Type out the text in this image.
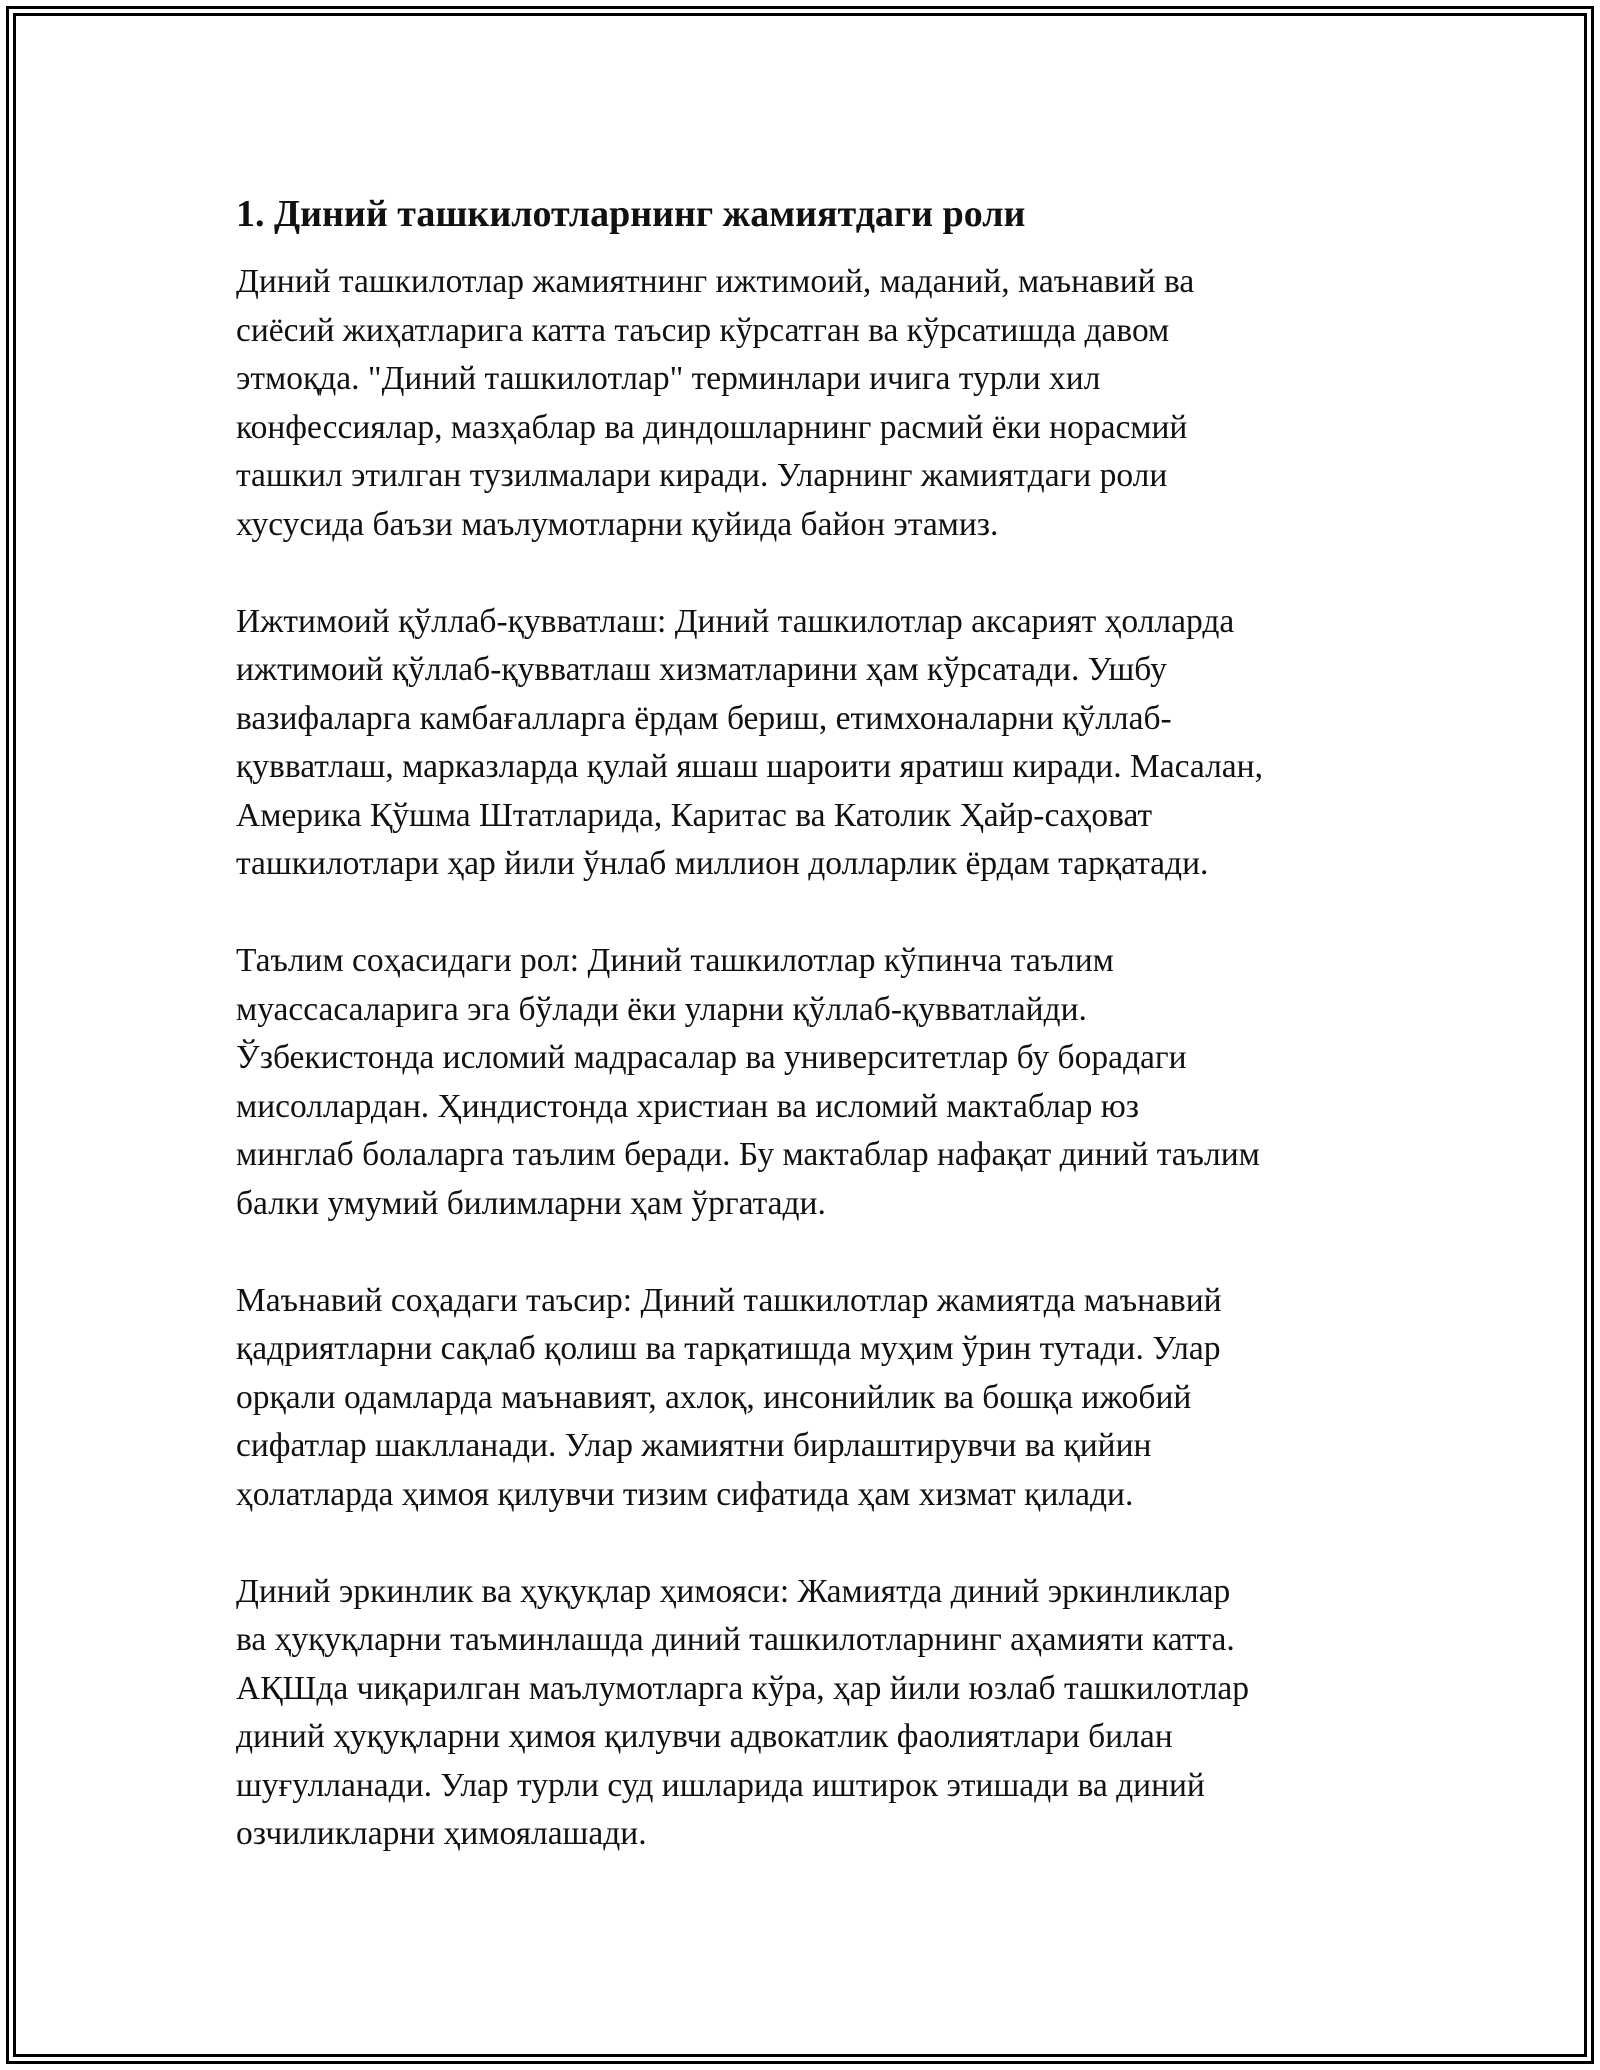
1. Диний ташкилотларнинг жамиятдаги роли
Диний ташкилотлар жамиятнинг ижтимоий, маданий, маънавий ва
сиёсий жиҳатларига катта таъсир кўрсатган ва кўрсатишда давом
этмоқда. "Диний ташкилотлар" терминлари ичига турли хил
конфессиялар, мазҳаблар ва диндошларнинг расмий ёки норасмий
ташкил этилган тузилмалари киради. Уларнинг жамиятдаги роли
хусусида баъзи маълумотларни қуйида байон этамиз.
Ижтимоий қўллаб-қувватлаш: Диний ташкилотлар аксарият ҳолларда
ижтимоий қўллаб-қувватлаш хизматларини ҳам кўрсатади. Ушбу
вазифаларга камбағалларга ёрдам бериш, етимхоналарни қўллаб-
қувватлаш, марказларда қулай яшаш шароити яратиш киради. Масалан,
Америка Қўшма Штатларида, Каритас ва Католик Ҳайр-саҳоват
ташкилотлари ҳар йили ўнлаб миллион долларлик ёрдам тарқатади.
Таълим соҳасидаги рол: Диний ташкилотлар кўпинча таълим
муассасаларига эга бўлади ёки уларни қўллаб-қувватлайди.
Ўзбекистонда исломий мадрасалар ва университетлар бу борадаги
мисоллардан. Ҳиндистонда христиан ва исломий мактаблар юз
минглаб болаларга таълим беради. Бу мактаблар нафақат диний таълим
балки умумий билимларни ҳам ўргатади.
Маънавий соҳадаги таъсир: Диний ташкилотлар жамиятда маънавий
қадриятларни сақлаб қолиш ва тарқатишда муҳим ўрин тутади. Улар
орқали одамларда маънавият, ахлоқ, инсонийлик ва бошқа ижобий
сифатлар шаклланади. Улар жамиятни бирлаштирувчи ва қийин
ҳолатларда ҳимоя қилувчи тизим сифатида ҳам хизмат қилади.
Диний эркинлик ва ҳуқуқлар ҳимояси: Жамиятда диний эркинликлар
ва ҳуқуқларни таъминлашда диний ташкилотларнинг аҳамияти катта.
АҚШда чиқарилган маълумотларга кўра, ҳар йили юзлаб ташкилотлар
диний ҳуқуқларни ҳимоя қилувчи адвокатлик фаолиятлари билан
шуғулланади. Улар турли суд ишларида иштирок этишади ва диний
озчиликларни ҳимоялашади.
